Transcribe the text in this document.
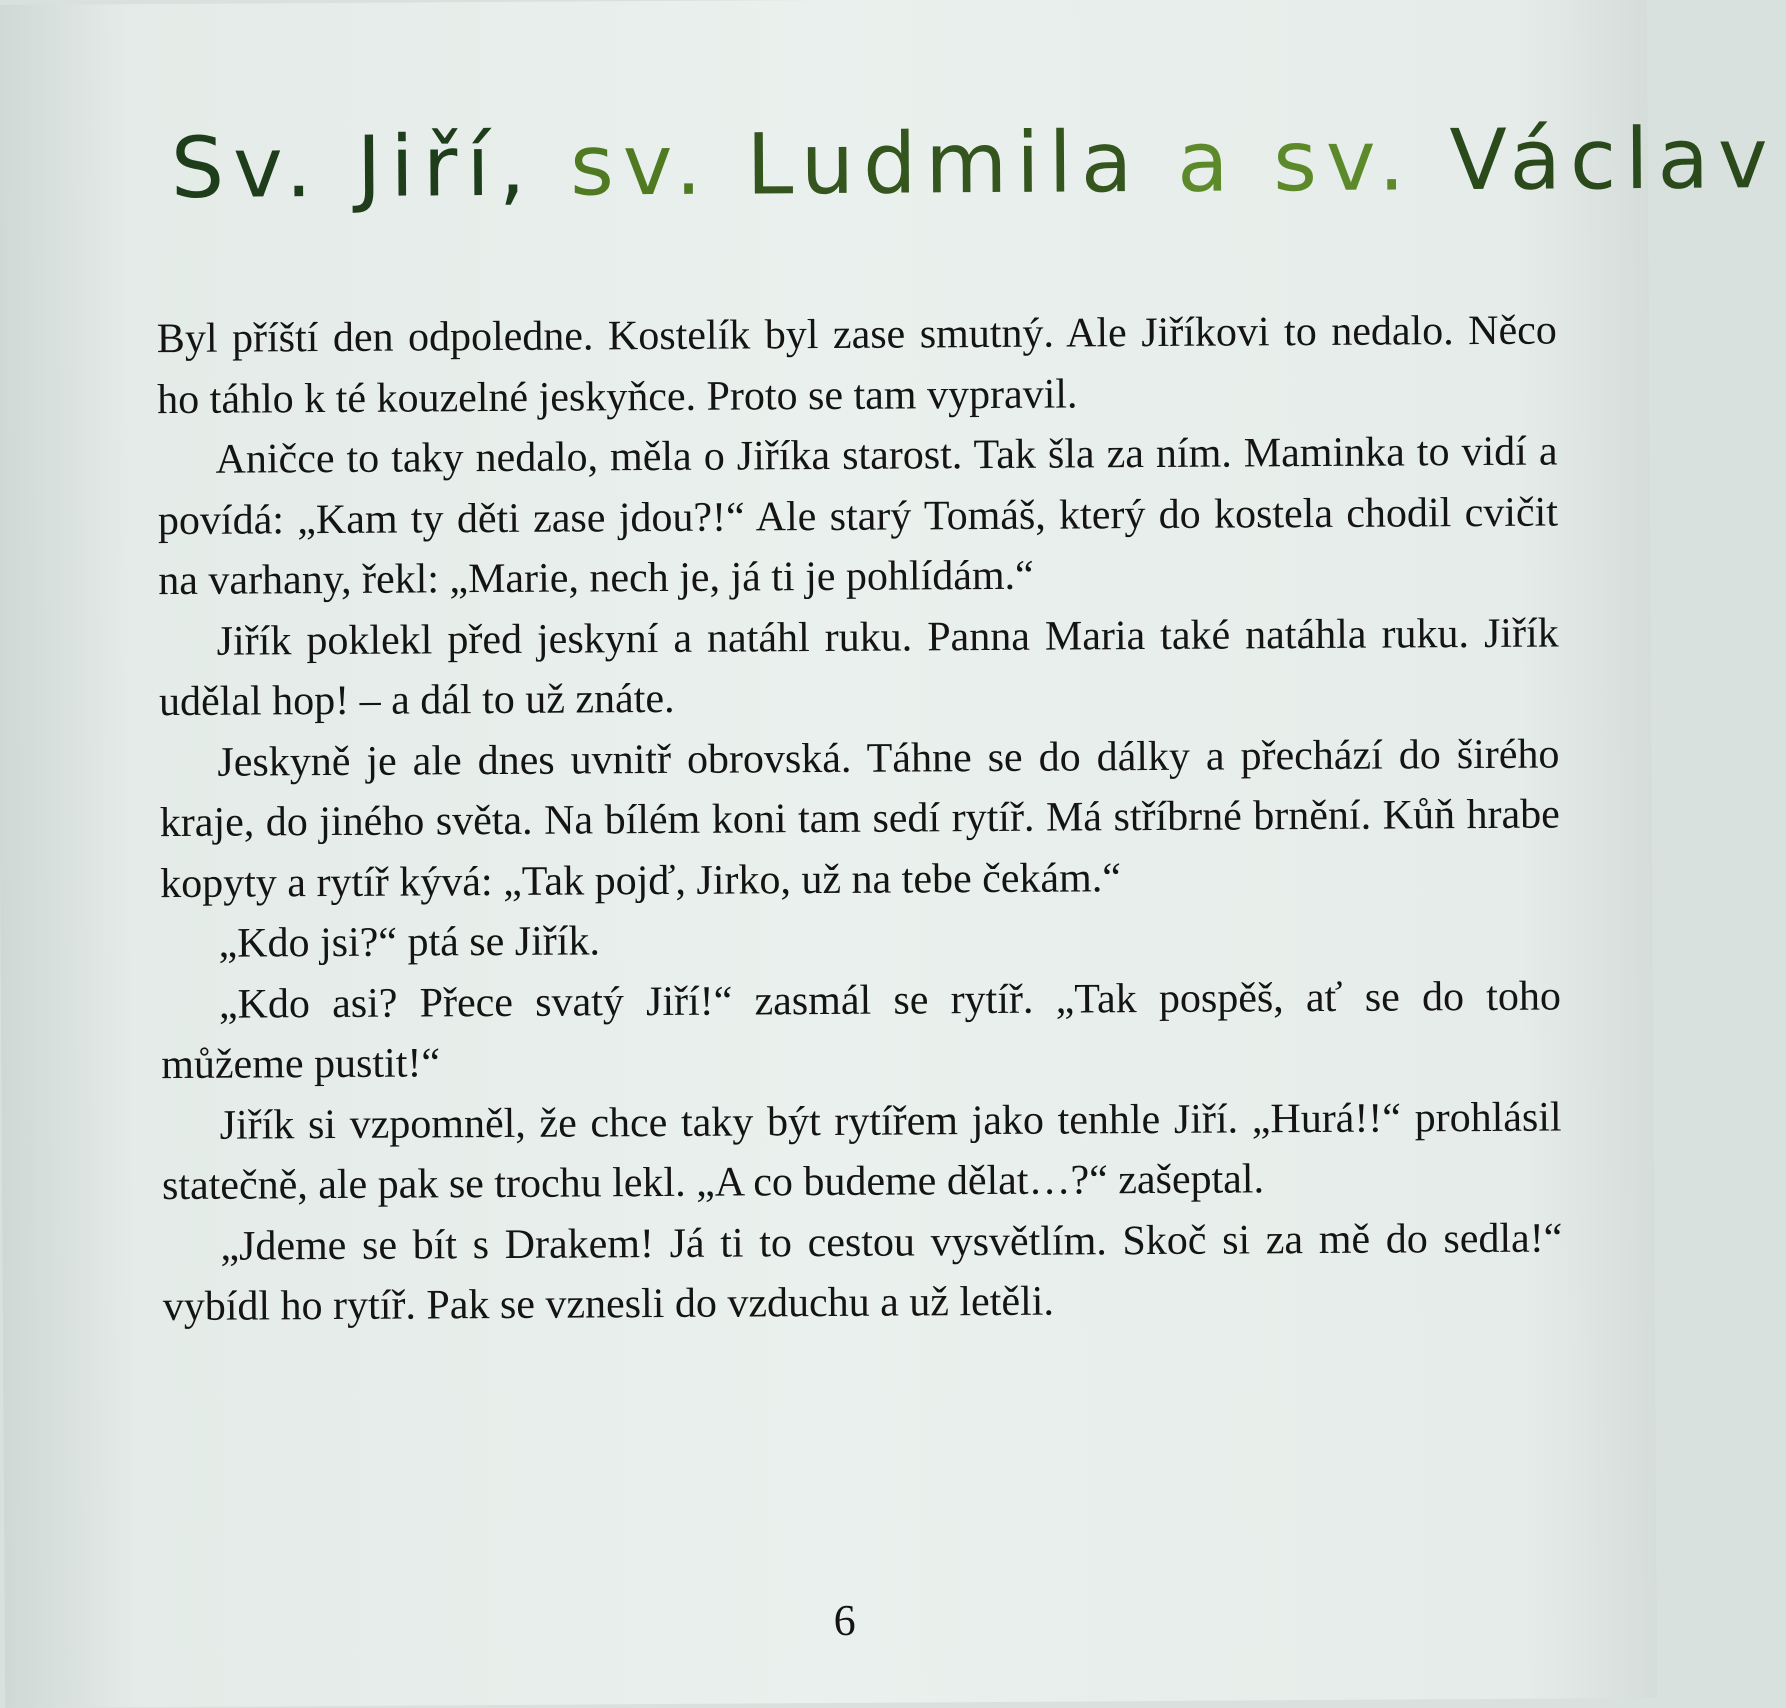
Sv. Jiří, sv. Ludmila a sv. Václav

Byl příští den odpoledne. Kostelík byl zase smutný. Ale Jiříkovi to nedalo. Něco ho táhlo k té kouzelné jeskyňce. Proto se tam vypravil.

Aničce to taky nedalo, měla o Jiříka starost. Tak šla za ním. Maminka to vidí a povídá: „Kam ty děti zase jdou?!“ Ale starý Tomáš, který do kostela chodil cvičit na varhany, řekl: „Marie, nech je, já ti je pohlídám.“

Jiřík poklekl před jeskyní a natáhl ruku. Panna Maria také natáhla ruku. Jiřík udělal hop! – a dál to už znáte.

Jeskyně je ale dnes uvnitř obrovská. Táhne se do dálky a přechází do širého kraje, do jiného světa. Na bílém koni tam sedí rytíř. Má stříbrné brnění. Kůň hrabe kopyty a rytíř kývá: „Tak pojď, Jirko, už na tebe čekám.“

„Kdo jsi?“ ptá se Jiřík.

„Kdo asi? Přece svatý Jiří!“ zasmál se rytíř. „Tak pospěš, ať se do toho můžeme pustit!“

Jiřík si vzpomněl, že chce taky být rytířem jako tenhle Jiří. „Hurá!!“ prohlásil statečně, ale pak se trochu lekl. „A co budeme dělat…?“ zašeptal.

„Jdeme se bít s Drakem! Já ti to cestou vysvětlím. Skoč si za mě do sedla!“ vybídl ho rytíř. Pak se vznesli do vzduchu a už letěli.

6
